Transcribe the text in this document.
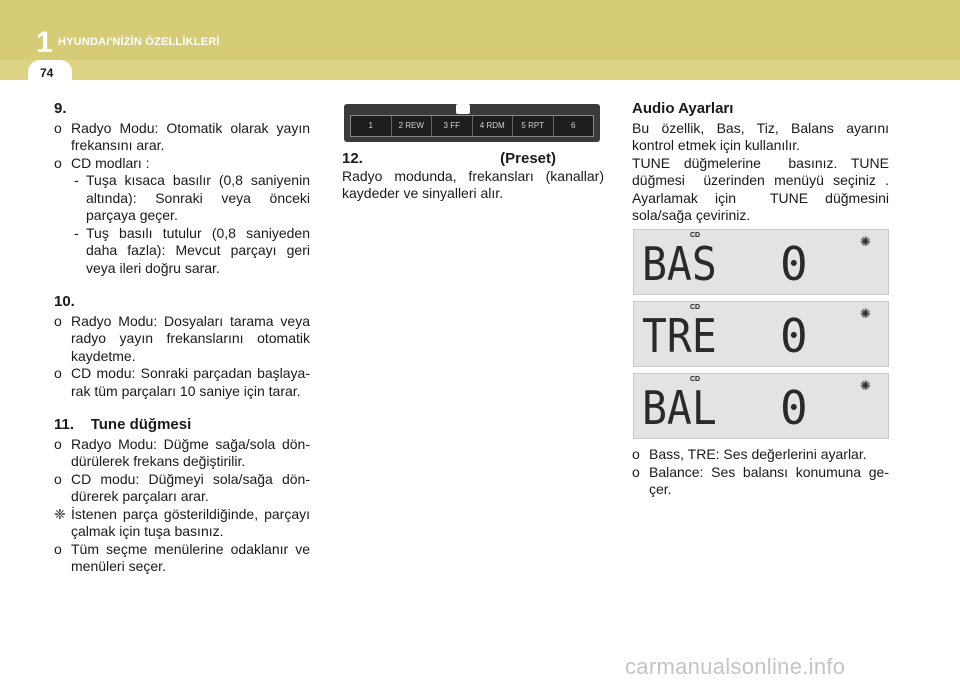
1 HYUNDAI'NİZİN ÖZELLİKLERİ
74
9.
o Radyo Modu: Otomatik olarak yayın frekansını arar.
o CD modları :
- Tuşa kısaca basılır (0,8 saniyenin altında): Sonraki veya önceki parçaya geçer.
- Tuş basılı tutulur (0,8 saniyeden daha fazla): Mevcut parçayı geri veya ileri doğru sarar.
10.
o Radyo Modu: Dosyaları tarama veya radyo yayın frekanslarını otomatik kaydetme.
o CD modu: Sonraki parçadan başlaya-rak tüm parçaları 10 saniye için tarar.
11.    Tune düğmesi
o Radyo Modu: Düğme sağa/sola dön-dürülerek frekans değiştirilir.
o CD modu: Düğmeyi sola/sağa dön-dürerek parçaları arar.
❈ İstenen parça gösterildiğinde, parçayı çalmak için tuşa basınız.
o Tüm seçme menülerine odaklanır ve menüleri seçer.
1	2 REW	3 FF	4 RDM	5 RPT	6
12.	(Preset)
Radyo modunda, frekansları (kanallar) kaydeder ve sinyalleri alır.
Audio Ayarları
Bu özellik, Bas, Tiz, Balans ayarını kontrol etmek için kullanılır.
TUNE düğmelerine  basınız. TUNE düğmesi  üzerinden menüyü seçiniz . Ayarlamak için  TUNE düğmesini sola/sağa çeviriniz.
CD
BAS 0	✺
CD
TRE 0	✺
CD
BAL 0	✺
o Bass, TRE: Ses değerlerini ayarlar.
o Balance: Ses balansı konumuna ge-çer.
carmanualsonline.info
